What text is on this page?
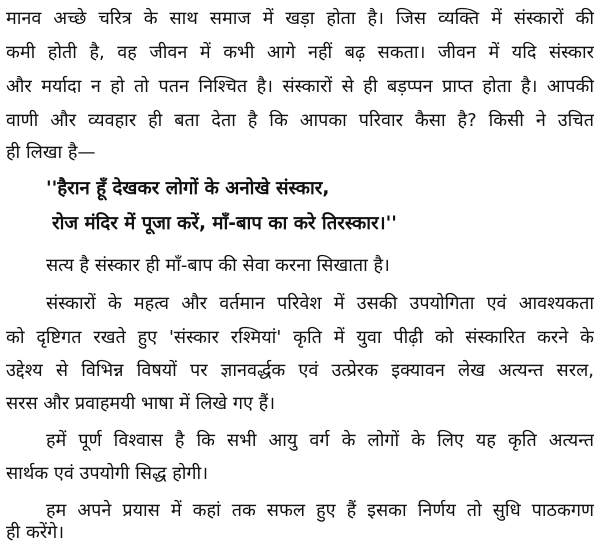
मानव अच्छे चरित्र के साथ समाज में खड़ा होता है। जिस व्यक्ति में संस्कारों की
कमी होती है, वह जीवन में कभी आगे नहीं बढ़ सकता। जीवन में यदि संस्कार
और मर्यादा न हो तो पतन निश्चित है। संस्कारों से ही बड़प्पन प्राप्त होता है। आपकी
वाणी और व्यवहार ही बता देता है कि आपका परिवार कैसा है? किसी ने उचित
ही लिखा है—
''हैरान हूँ देखकर लोगों के अनोखे संस्कार,
रोज मंदिर में पूजा करें, माँ-बाप का करे तिरस्कार।''
सत्य है संस्कार ही माँ-बाप की सेवा करना सिखाता है।
संस्कारों के महत्व और वर्तमान परिवेश में उसकी उपयोगिता एवं आवश्यकता
को दृष्टिगत रखते हुए 'संस्कार रश्मियां' कृति में युवा पीढ़ी को संस्कारित करने के
उद्देश्य से विभिन्न विषयों पर ज्ञानवर्द्धक एवं उत्प्रेरक इक्यावन लेख अत्यन्त सरल,
सरस और प्रवाहमयी भाषा में लिखे गए हैं।
हमें पूर्ण विश्वास है कि सभी आयु वर्ग के लोगों के लिए यह कृति अत्यन्त
सार्थक एवं उपयोगी सिद्ध होगी।
हम अपने प्रयास में कहां तक सफल हुए हैं इसका निर्णय तो सुधि पाठकगण
ही करेंगे।
